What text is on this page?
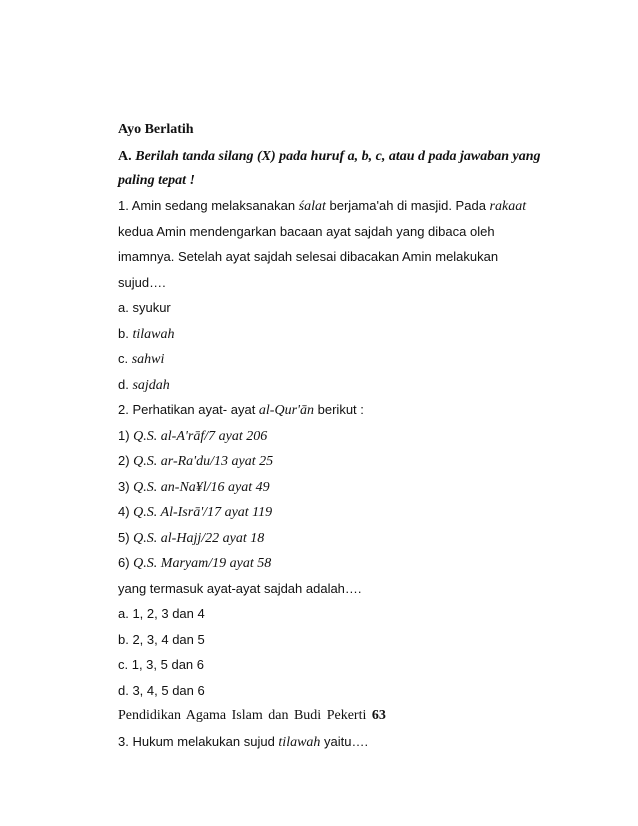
Ayo Berlatih
A. Berilah tanda silang (X) pada huruf a, b, c, atau d pada jawaban yang
paling tepat !
1. Amin sedang melaksanakan śalat berjama'ah di masjid. Pada rakaat
kedua Amin mendengarkan bacaan ayat sajdah yang dibaca oleh
imamnya. Setelah ayat sajdah selesai dibacakan Amin melakukan
sujud….
a. syukur
b. tilawah
c. sahwi
d. sajdah
2. Perhatikan ayat- ayat al-Qur'ān berikut :
1) Q.S. al-A'rāf/7 ayat 206
2) Q.S. ar-Ra'du/13 ayat 25
3) Q.S. an-Na¥l/16 ayat 49
4) Q.S. Al-Isrā'/17 ayat 119
5) Q.S. al-Hajj/22 ayat 18
6) Q.S. Maryam/19 ayat 58
yang termasuk ayat-ayat sajdah adalah….
a. 1, 2, 3 dan 4
b. 2, 3, 4 dan 5
c. 1, 3, 5 dan 6
d. 3, 4, 5 dan 6
Pendidikan Agama Islam dan Budi Pekerti 63
3. Hukum melakukan sujud tilawah yaitu….
